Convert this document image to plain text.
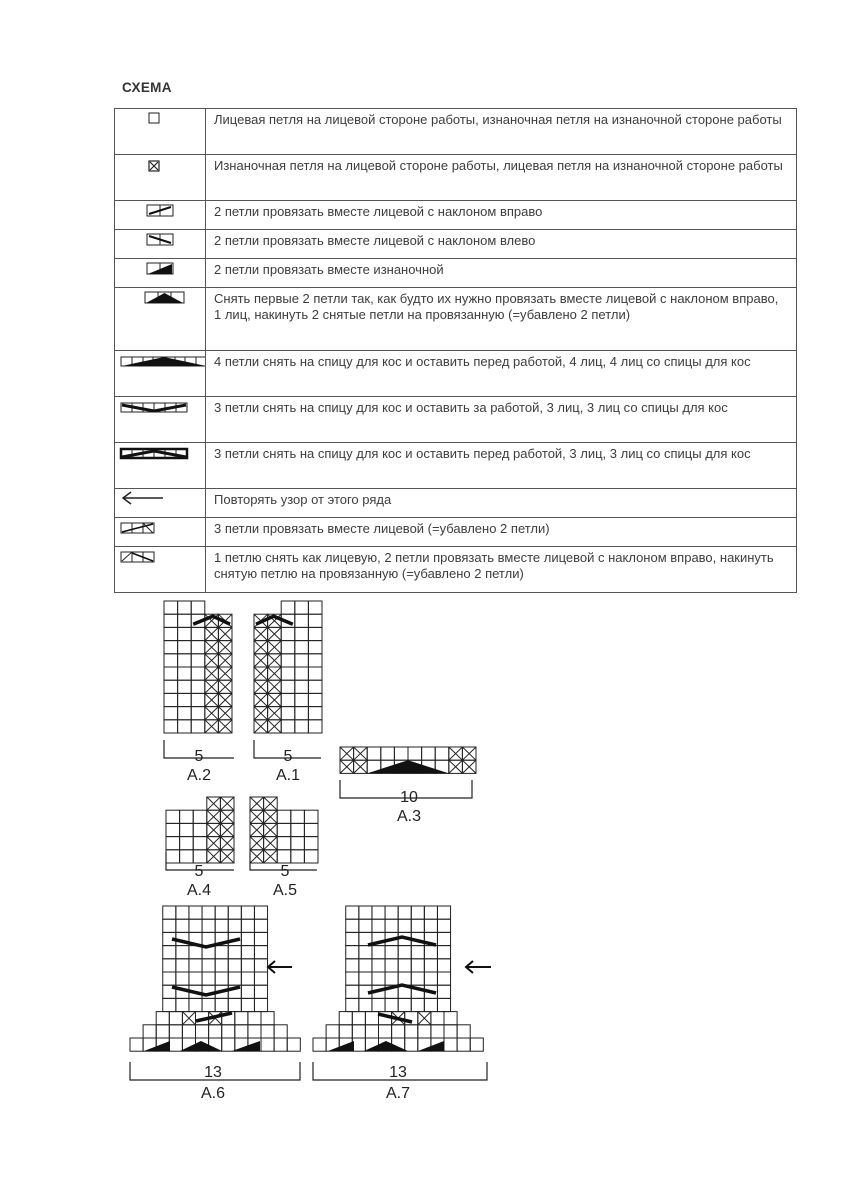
СХЕМА
	Лицевая петля на лицевой стороне работы, изнаночная петля на изнаночной стороне работы

	Изнаночная петля на лицевой стороне работы, лицевая петля на изнаночной стороне работы

	2 петли провязать вместе лицевой с наклоном вправо

	2 петли провязать вместе лицевой с наклоном влево

	2 петли провязать вместе изнаночной

	Снять первые 2 петли так, как будто их нужно провязать вместе лицевой с наклоном вправо, 1 лиц, накинуть 2 снятые петли на провязанную (=убавлено 2 петли)

	4 петли снять на спицу для кос и оставить перед работой, 4 лиц, 4 лиц со спицы для кос

	3 петли снять на спицу для кос и оставить за работой, 3 лиц, 3 лиц со спицы для кос

	3 петли снять на спицу для кос и оставить перед работой, 3 лиц, 3 лиц со спицы для кос

	Повторять узор от этого ряда

	3 петли провязать вместе лицевой (=убавлено 2 петли)

	1 петлю снять как лицевую, 2 петли провязать вместе лицевой с наклоном вправо, накинуть снятую петлю на провязанную (=убавлено 2 петли)
5
A.2
5
A.1
10
A.3
5
A.4
5
A.5
13
A.6
13
A.7
